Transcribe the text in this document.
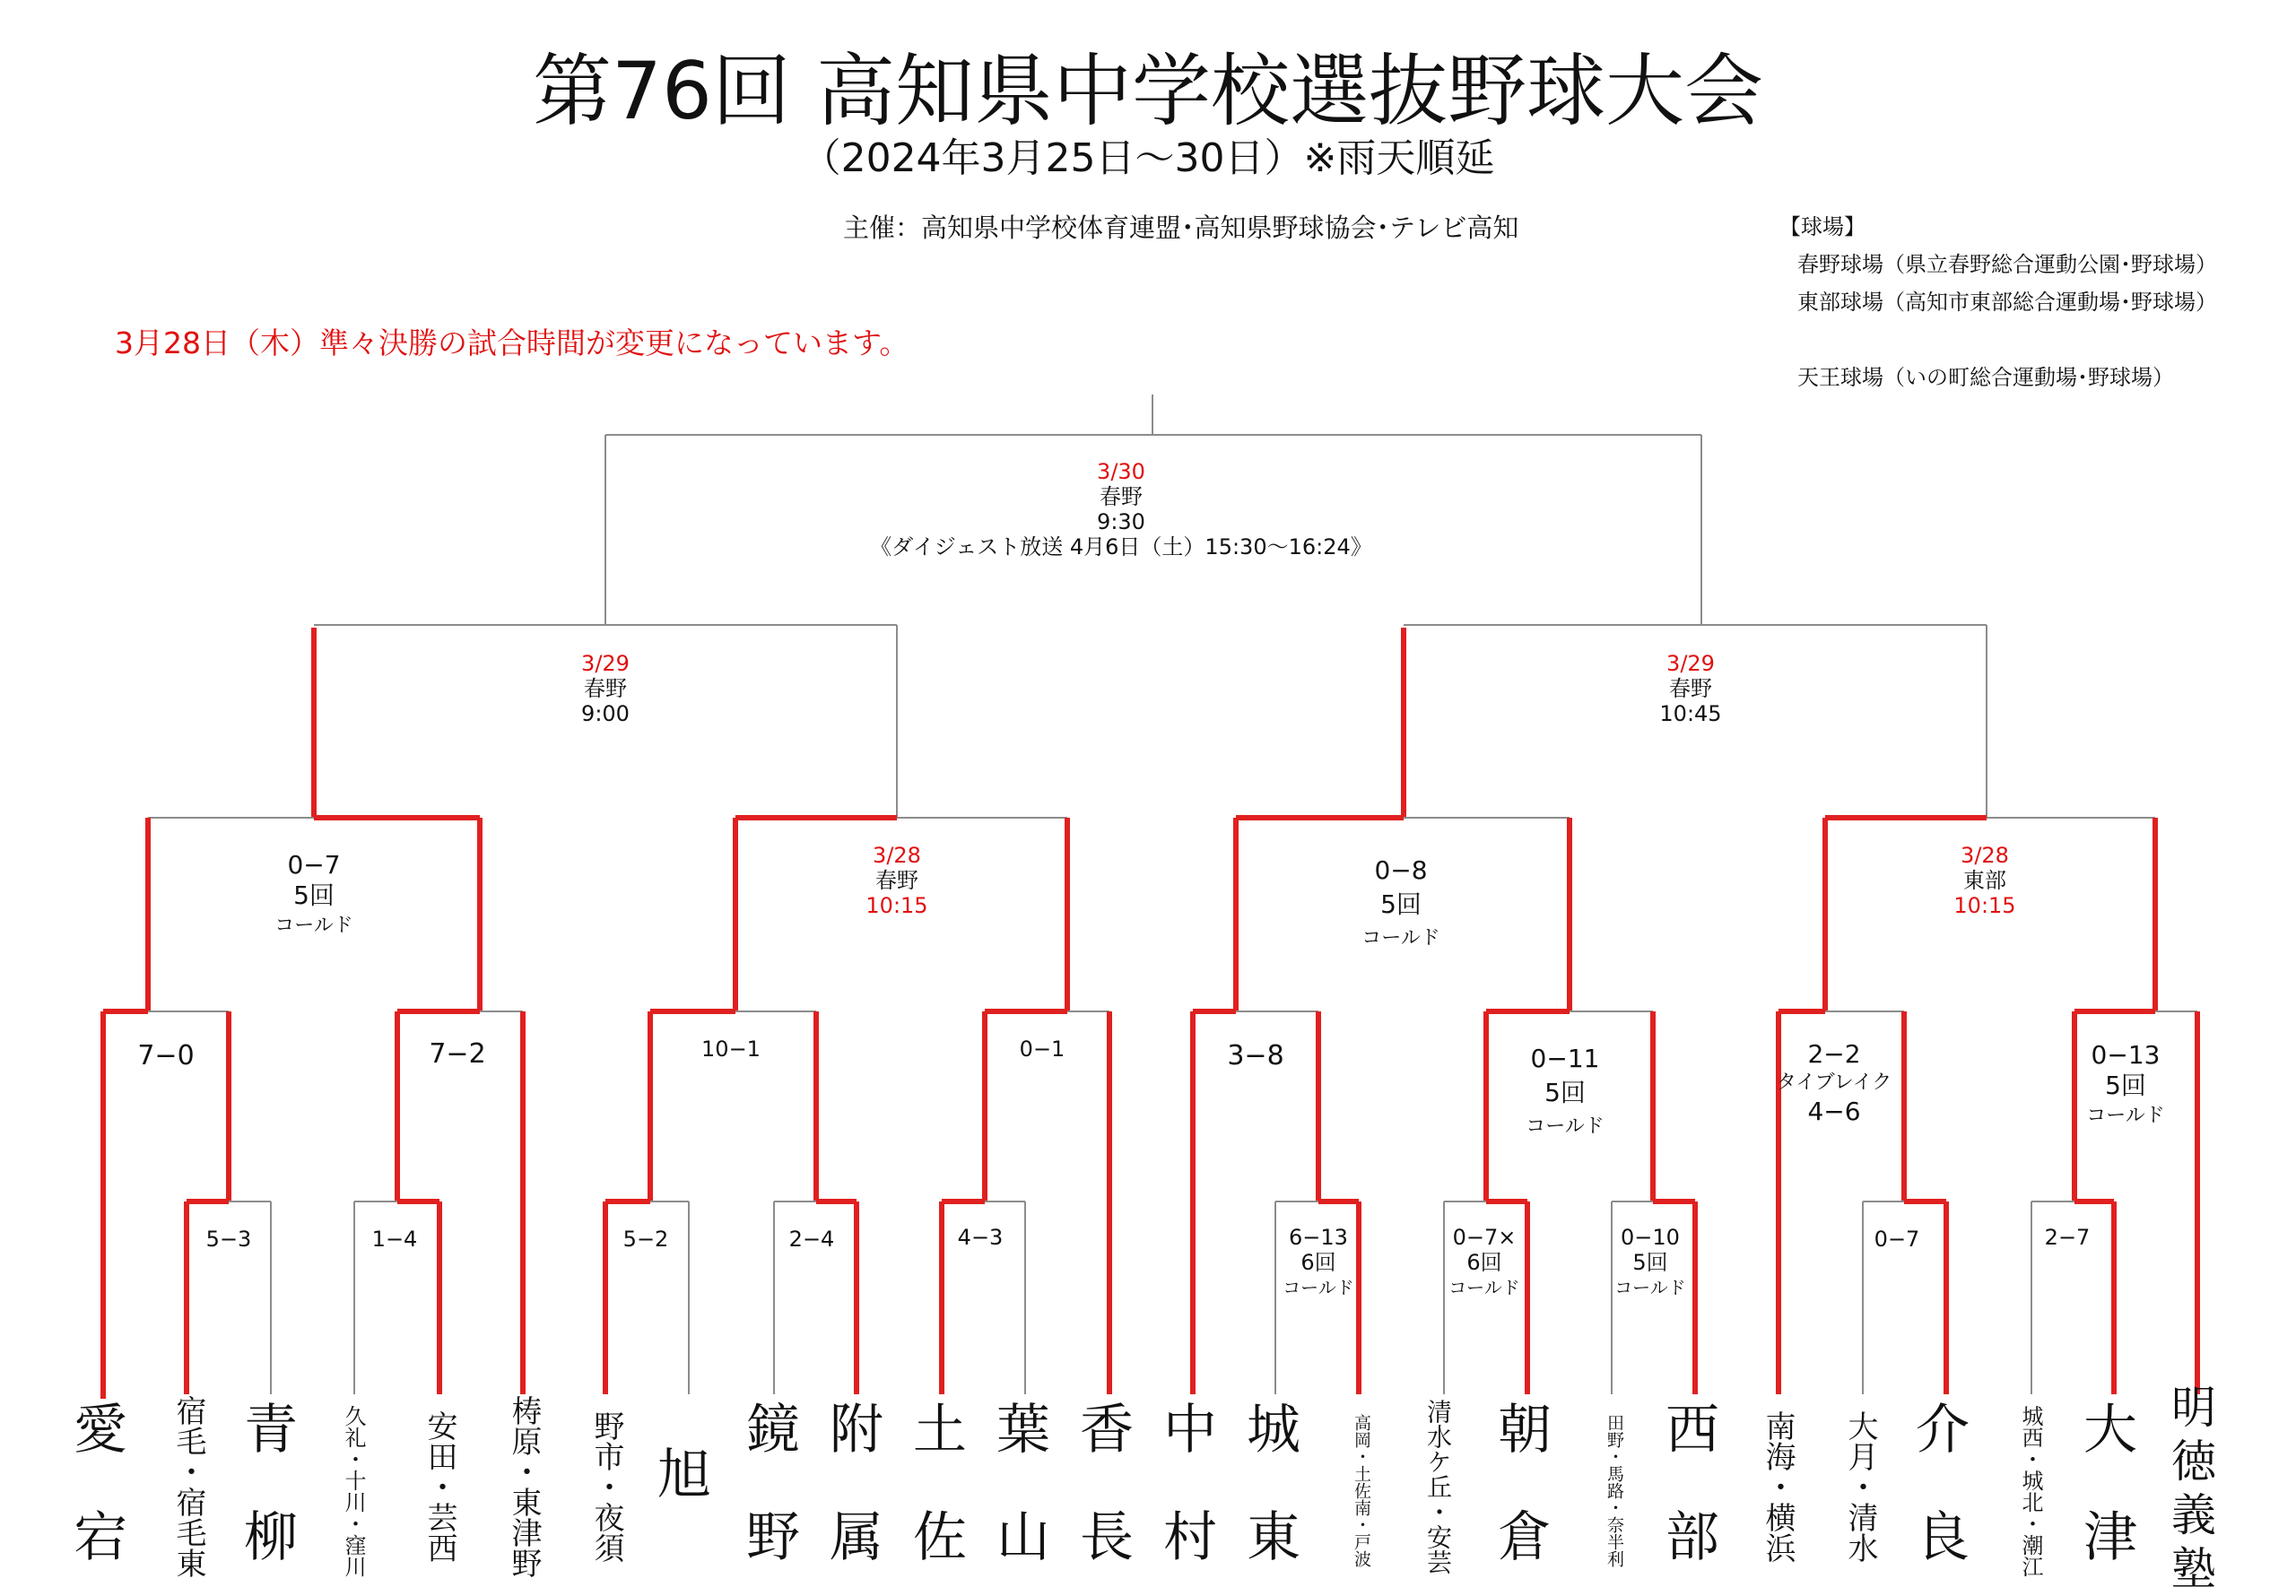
第76回 高知県中学校選抜野球大会
（2024年3月25日～30日）※雨天順延
主催：高知県中学校体育連盟･高知県野球協会･テレビ高知
3月28日（木）準々決勝の試合時間が変更になっています。
【球場】
春野球場（県立春野総合運動公園･野球場）
東部球場（高知市東部総合運動場･野球場）
天王球場（いの町総合運動場･野球場）
3/30
春野
9:30
《ダイジェスト放送 4月6日（土）15:30～16:24》
3/29
春野
9:00
3/29
春野
10:45
0−7
5回
コールド
3/28
春野
10:15
0−8
5回
コールド
3/28
東部
10:15
7−0	7−2	10−1	0−1	3−8	0−11
5回
コールド
2−2
タイブレイク
4−6
0−13
5回
コールド
5−3	1−4	5−2	2−4	4−3	6−13
6回
コールド
0−7×
6回
コールド
0−10
5回
コールド
0−7	2−7
愛宕 宿毛・宿毛東 青柳 久礼・十川・窪川 安田・芸西 梼原・東津野 野市・夜須 旭
鏡野
附属
土佐
葉山
香長
中村
城東	高岡・土佐南・戸波 清水ケ丘・安芸 朝倉	田野・馬路・奈半利 西部 南海・横浜 大月・清水 介良 城西・城北・潮江 大津
明徳義塾
